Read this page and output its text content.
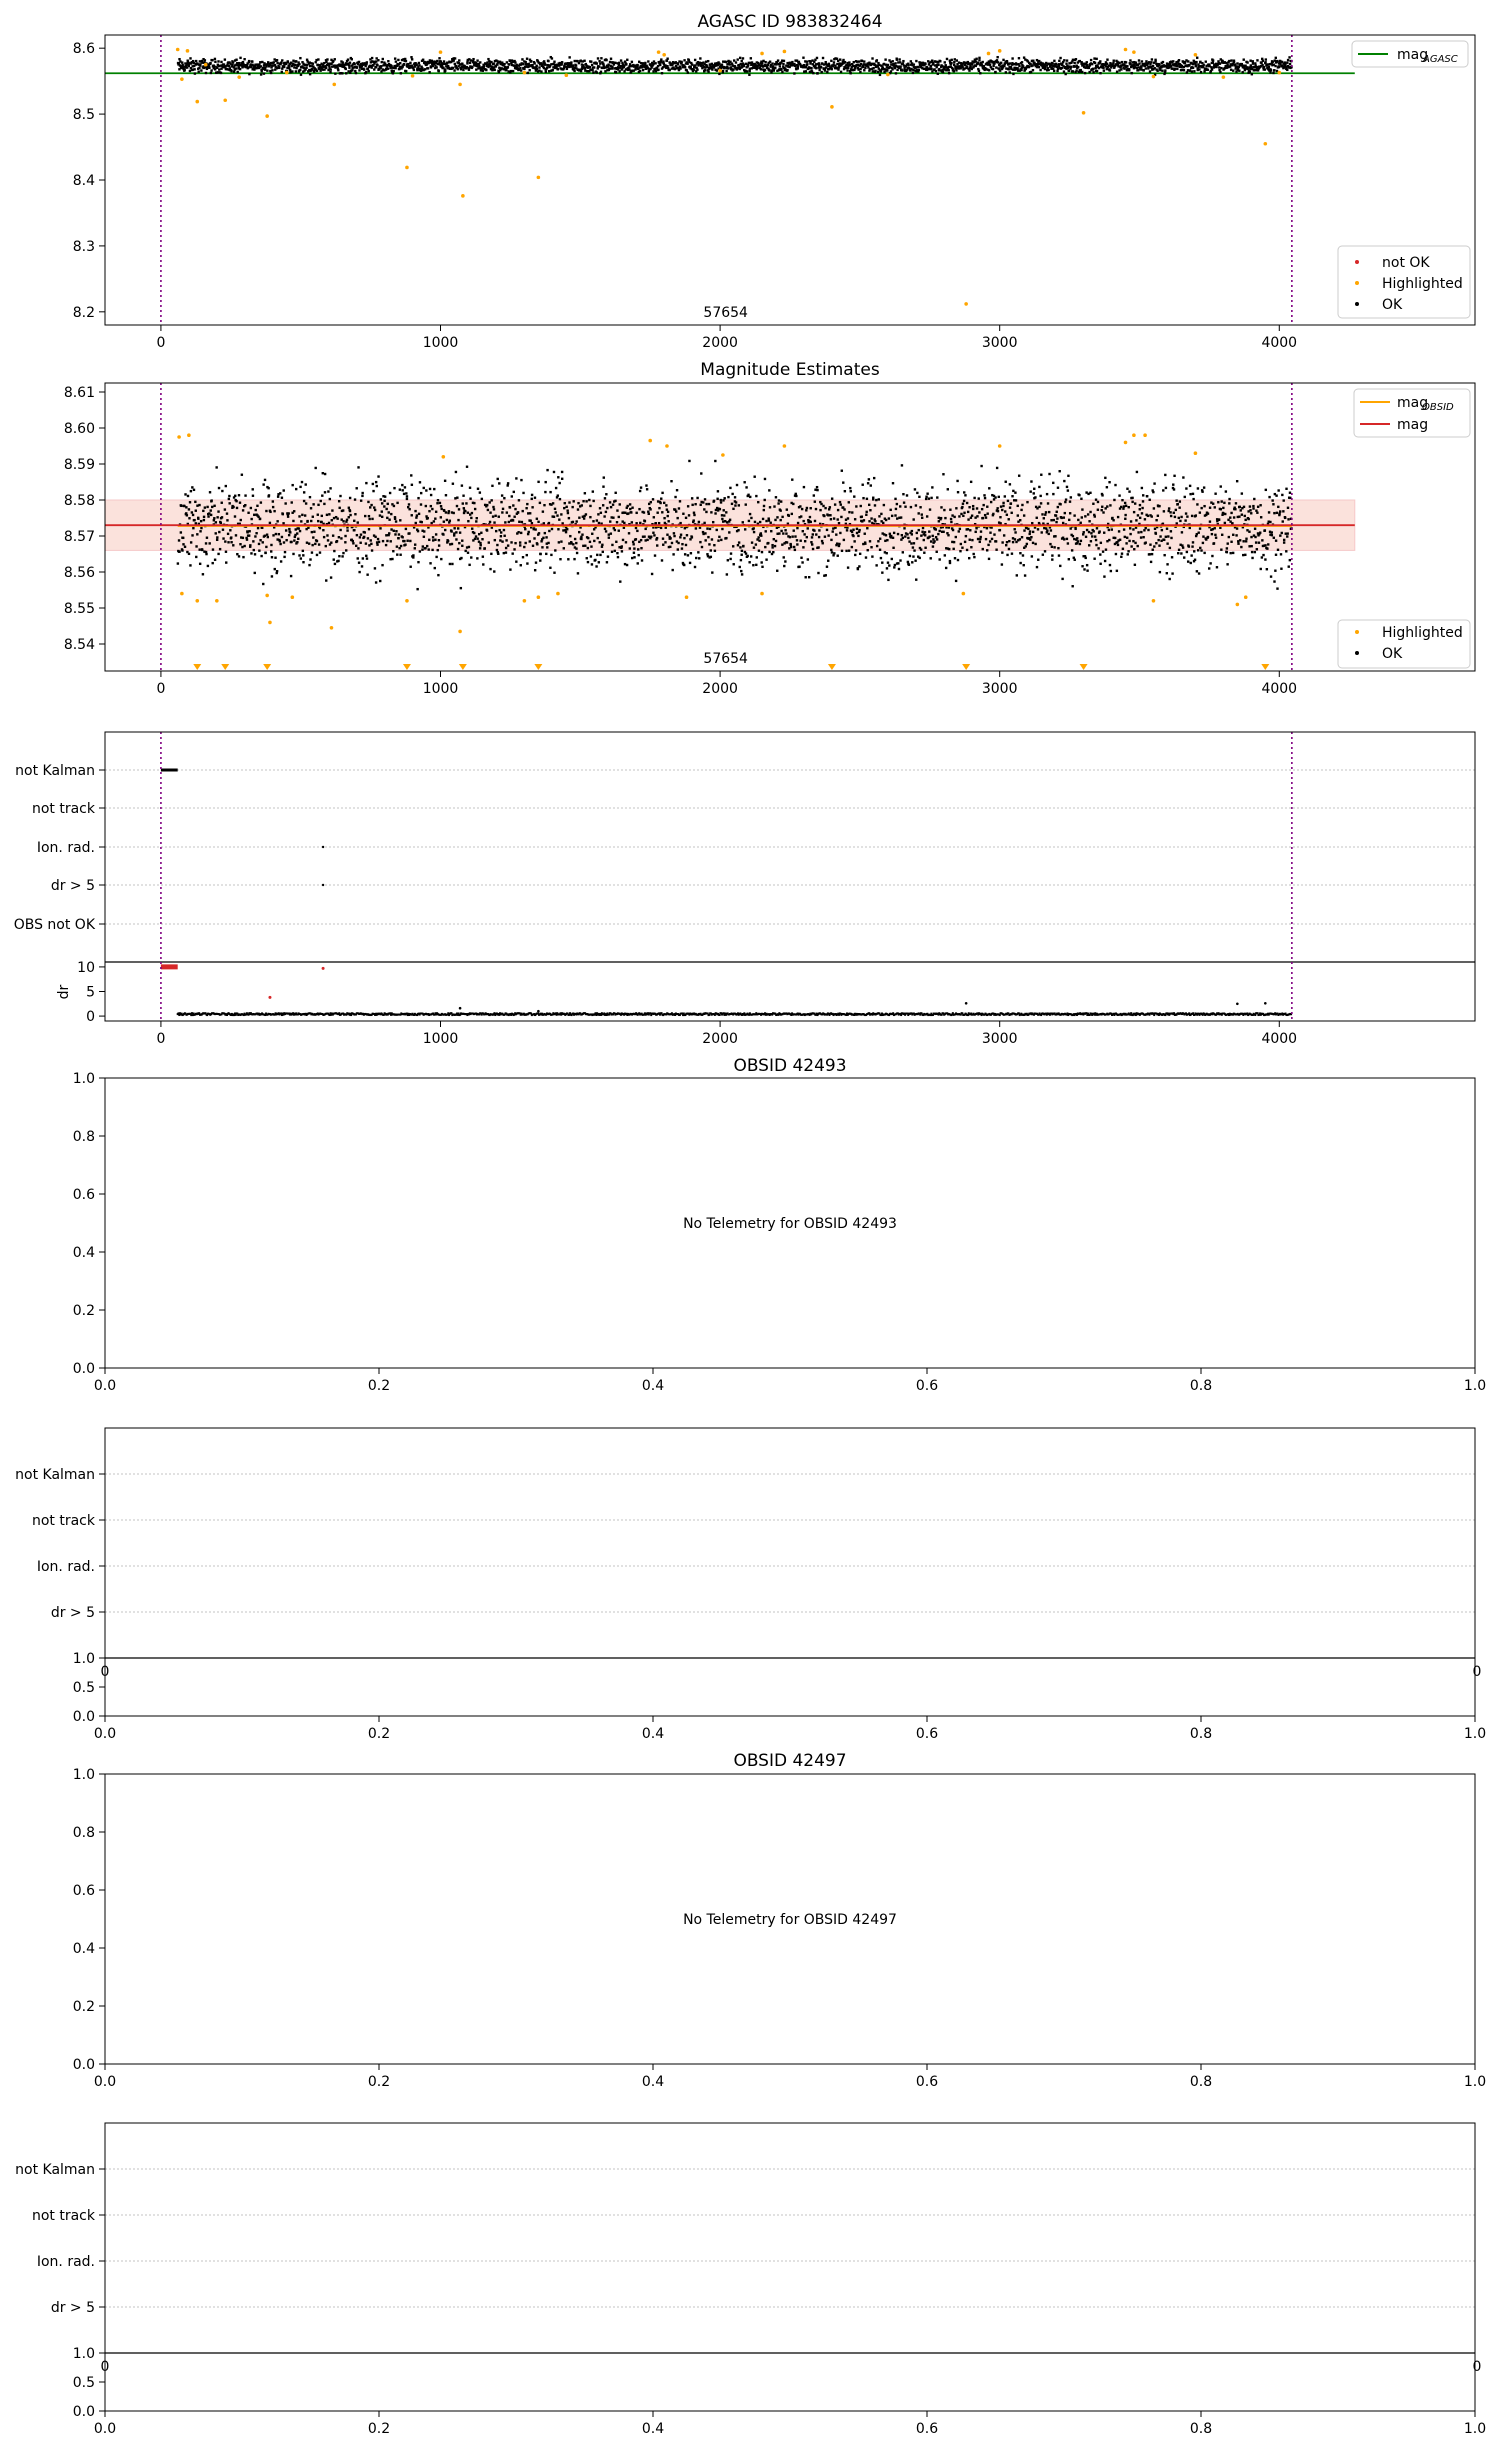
AGASC ID 983832464
57654
0	1000	2000	3000	4000
8.2
8.3
8.4
8.5
8.6	mag
AGASC
not OK
Highlighted
OK
Magnitude Estimates
57654
0	1000	2000	3000	4000
8.54
8.55
8.56
8.57
8.58
8.59
8.60
8.61
mag
OBSID
mag
Highlighted
OK
not Kalman
not track
Ion. rad.
dr > 5
OBS not OK
0
5
10
dr
0	1000	2000	3000	4000
OBSID 42493
No Telemetry for OBSID 42493
0.0	0.2	0.4	0.6	0.8	1.0
0.0
0.2
0.4
0.6
0.8
1.0
OBSID 42497
No Telemetry for OBSID 42497
0.0	0.2	0.4	0.6	0.8	1.0
0.0
0.2
0.4
0.6
0.8
1.0
not Kalman
not track
Ion. rad.
dr > 5
0	0
0.0
0.5
1.0
0.0	0.2	0.4	0.6	0.8	1.0
not Kalman
not track
Ion. rad.
dr > 5
0	0
0.0
0.5
1.0
0.0	0.2	0.4	0.6	0.8	1.0
